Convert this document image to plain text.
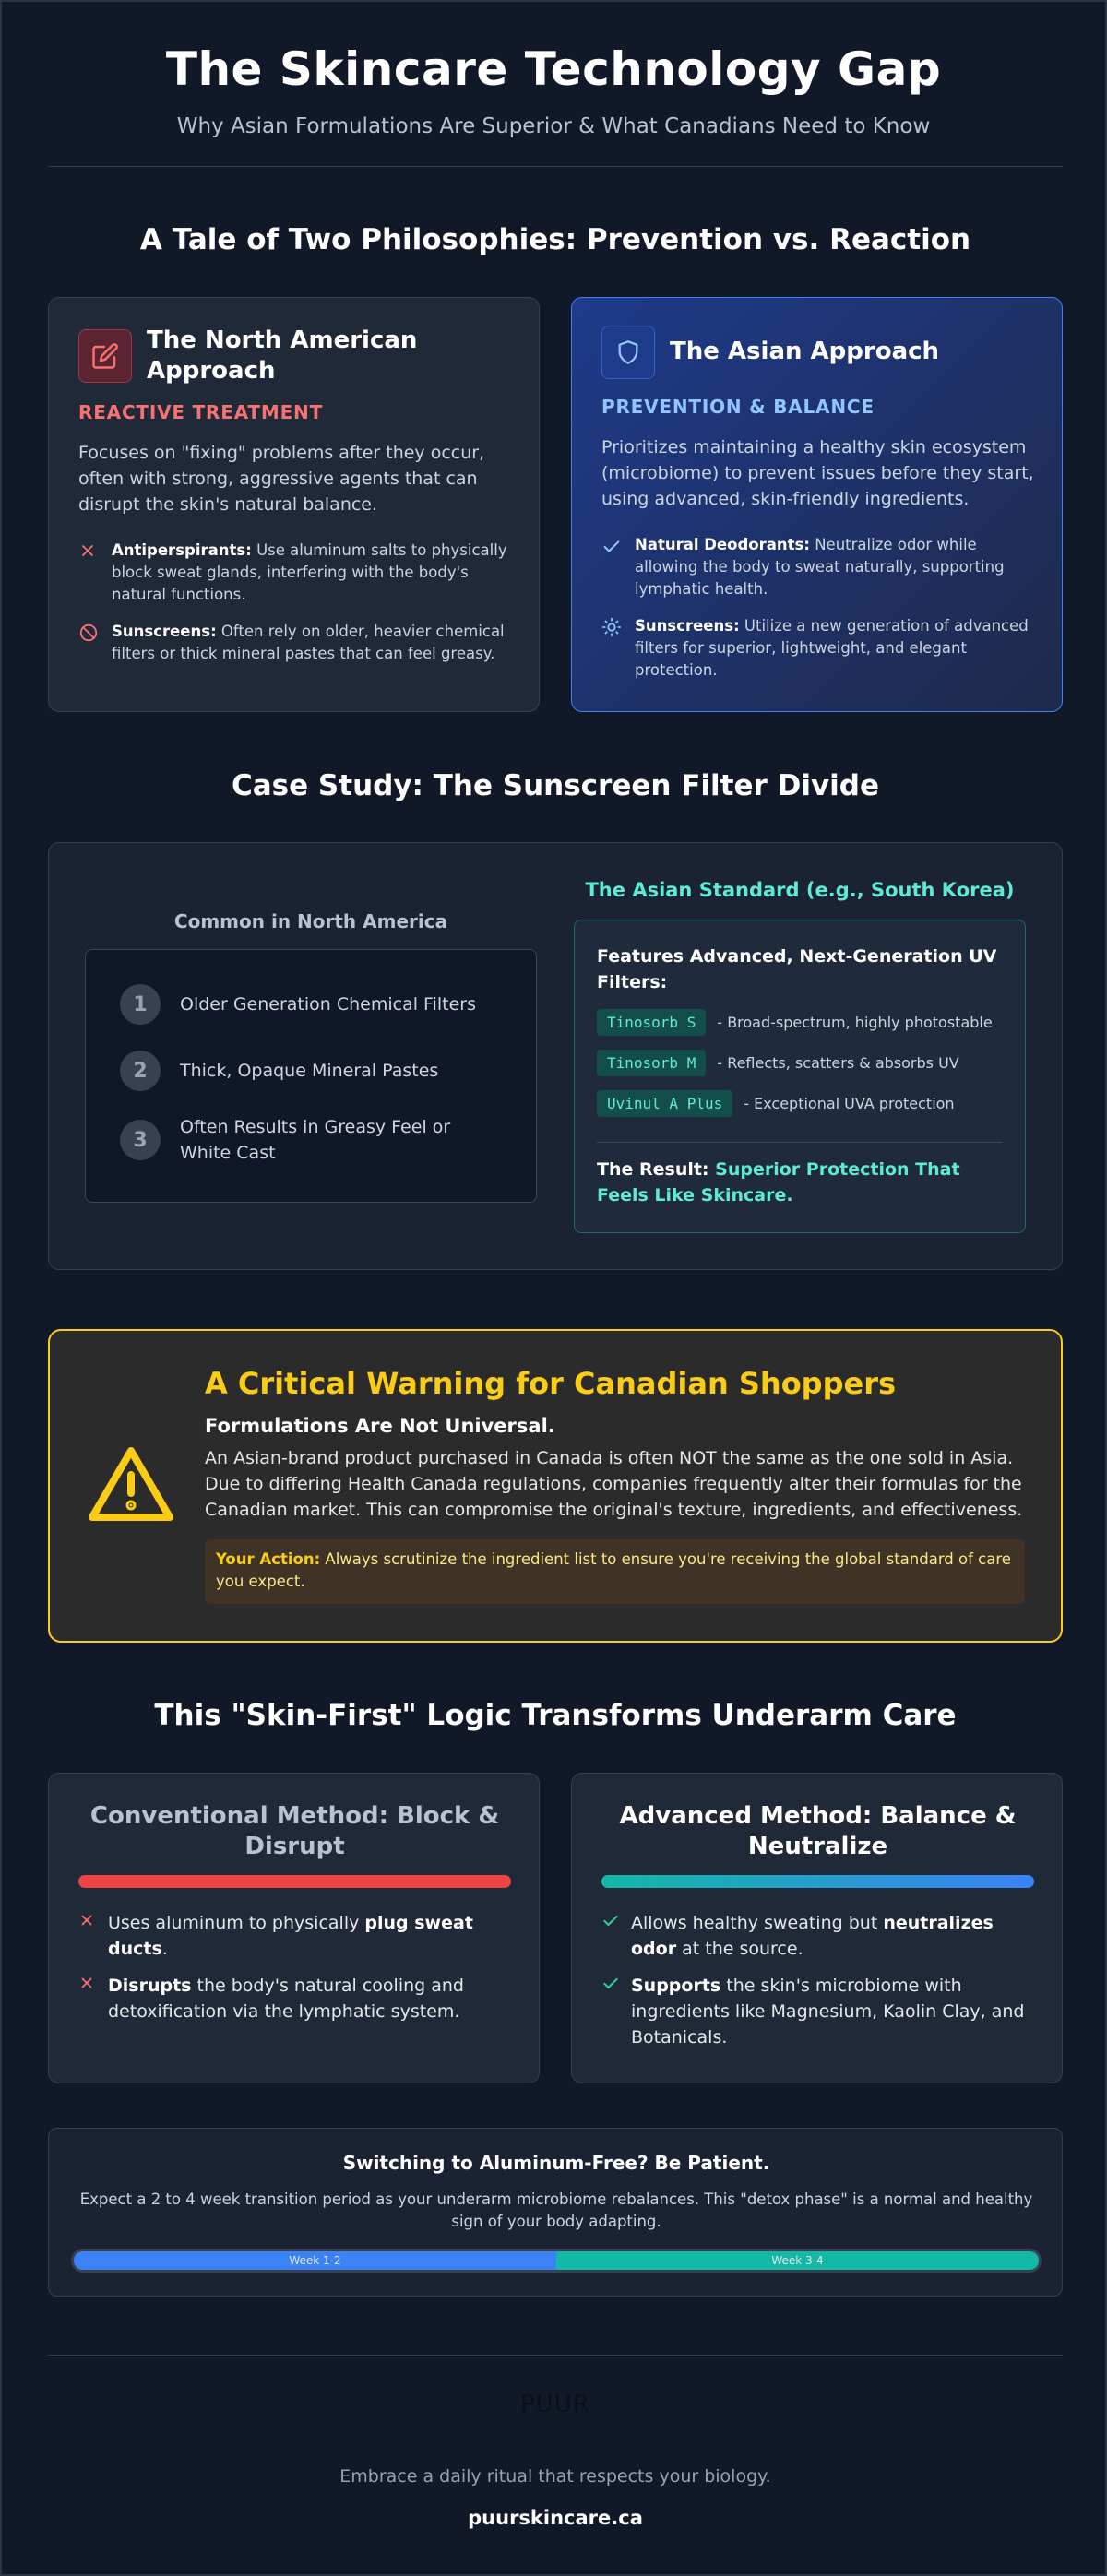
The Skincare Technology Gap
Why Asian Formulations Are Superior & What Canadians Need to Know
A Tale of Two Philosophies: Prevention vs. Reaction
The North American
Approach
REACTIVE TREATMENT
Focuses on "fixing" problems after they occur, often with strong, aggressive agents that can disrupt the skin's natural balance.
Antiperspirants: Use aluminum salts to physically block sweat glands, interfering with the body's natural functions.
Sunscreens: Often rely on older, heavier chemical filters or thick mineral pastes that can feel greasy.
The Asian Approach
PREVENTION & BALANCE
Prioritizes maintaining a healthy skin ecosystem (microbiome) to prevent issues before they start, using advanced, skin-friendly ingredients.
Natural Deodorants: Neutralize odor while allowing the body to sweat naturally, supporting lymphatic health.
Sunscreens: Utilize a new generation of advanced filters for superior, lightweight, and elegant protection.
Case Study: The Sunscreen Filter Divide
Common in North America
1	Older Generation Chemical Filters
2	Thick, Opaque Mineral Pastes
3
Often Results in Greasy Feel or White Cast
The Asian Standard (e.g., South Korea)
Features Advanced, Next-Generation UV Filters:
Tinosorb S	- Broad-spectrum, highly photostable
Tinosorb M	- Reflects, scatters & absorbs UV
Uvinul A Plus	- Exceptional UVA protection
The Result: Superior Protection That Feels Like Skincare.
A Critical Warning for Canadian Shoppers
Formulations Are Not Universal.
An Asian-brand product purchased in Canada is often NOT the same as the one sold in Asia. Due to differing Health Canada regulations, companies frequently alter their formulas for the Canadian market. This can compromise the original's texture, ingredients, and effectiveness.
Your Action: Always scrutinize the ingredient list to ensure you're receiving the global standard of care you expect.
This "Skin-First" Logic Transforms Underarm Care
Conventional Method: Block & Disrupt
Uses aluminum to physically plug sweat ducts.
Disrupts the body's natural cooling and detoxification via the lymphatic system.
Advanced Method: Balance & Neutralize
Allows healthy sweating but neutralizes odor at the source.
Supports the skin's microbiome with ingredients like Magnesium, Kaolin Clay, and Botanicals.
Switching to Aluminum-Free? Be Patient.
Expect a 2 to 4 week transition period as your underarm microbiome rebalances. This "detox phase" is a normal and healthy sign of your body adapting.
Week 1-2	Week 3-4
PUUR
Embrace a daily ritual that respects your biology.
puurskincare.ca
